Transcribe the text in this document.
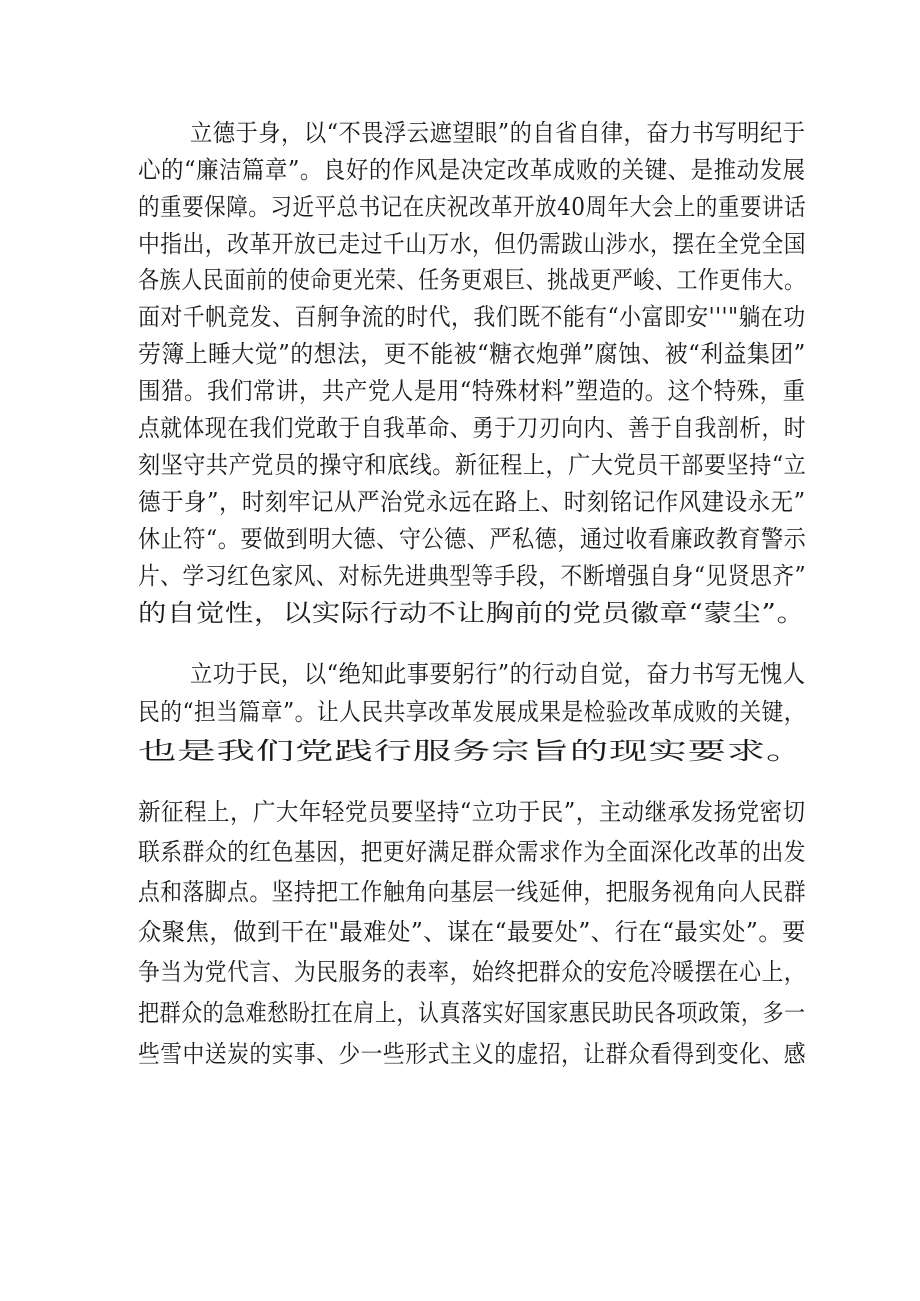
立德于身，以“不畏浮云遮望眼”的自省自律，奋力书写明纪于
心的“廉洁篇章”。良好的作风是决定改革成败的关键、是推动发展
的重要保障。习近平总书记在庆祝改革开放40周年大会上的重要讲话
中指出，改革开放已走过千山万水，但仍需跋山涉水，摆在全党全国
各族人民面前的使命更光荣、任务更艰巨、挑战更严峻、工作更伟大。
面对千帆竞发、百舸争流的时代，我们既不能有“小富即安'''"躺在功
劳簿上睡大觉”的想法，更不能被“糖衣炮弹”腐蚀、被“利益集团”
围猎。我们常讲，共产党人是用“特殊材料”塑造的。这个特殊，重
点就体现在我们党敢于自我革命、勇于刀刃向内、善于自我剖析，时
刻坚守共产党员的操守和底线。新征程上，广大党员干部要坚持“立
德于身”，时刻牢记从严治党永远在路上、时刻铭记作风建设永无”
休止符“。要做到明大德、守公德、严私德，通过收看廉政教育警示
片、学习红色家风、对标先进典型等手段，不断增强自身“见贤思齐”
的自觉性，以实际行动不让胸前的党员徽章“蒙尘”。
立功于民，以“绝知此事要躬行”的行动自觉，奋力书写无愧人
民的“担当篇章”。让人民共享改革发展成果是检验改革成败的关键，
也是我们党践行服务宗旨的现实要求。
新征程上，广大年轻党员要坚持“立功于民”，主动继承发扬党密切
联系群众的红色基因，把更好满足群众需求作为全面深化改革的出发
点和落脚点。坚持把工作触角向基层一线延伸，把服务视角向人民群
众聚焦，做到干在"最难处”、谋在“最要处”、行在“最实处”。要
争当为党代言、为民服务的表率，始终把群众的安危冷暖摆在心上，
把群众的急难愁盼扛在肩上，认真落实好国家惠民助民各项政策，多一
些雪中送炭的实事、少一些形式主义的虚招，让群众看得到变化、感
